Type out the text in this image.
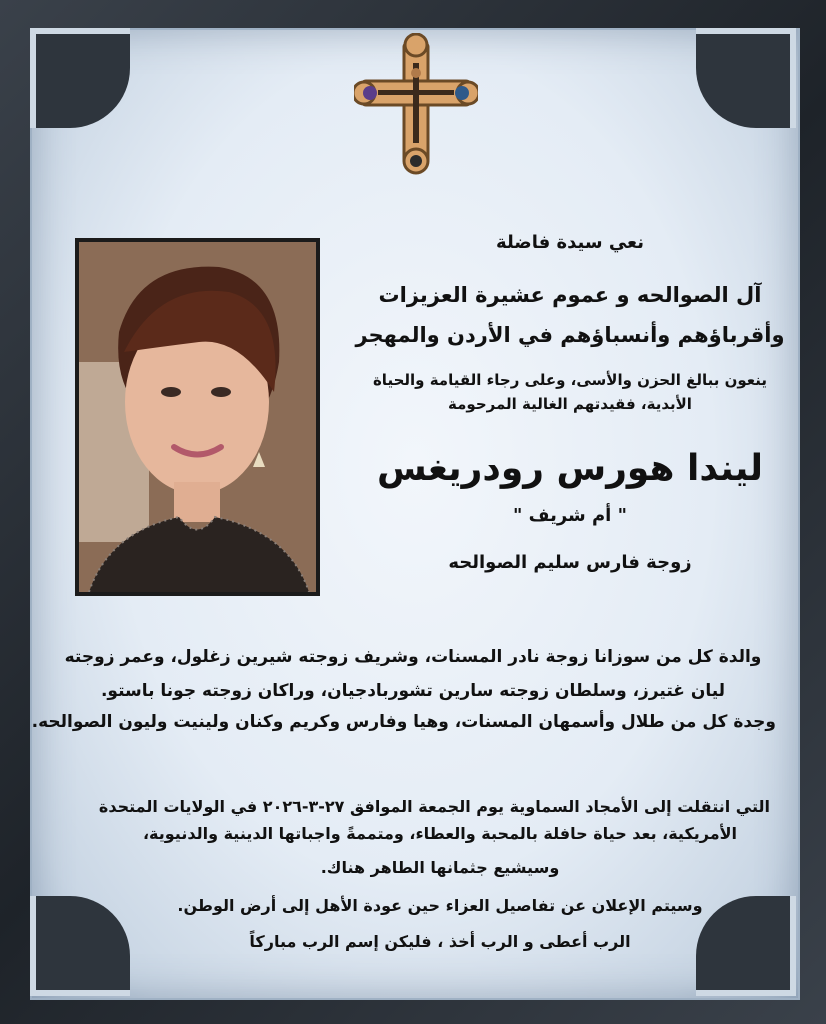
نعي سيدة فاضلة
آل الصوالحه و عموم عشيرة العزيزات
وأقرباؤهم وأنسباؤهم في الأردن والمهجر
ينعون ببالغ الحزن والأسى، وعلى رجاء القيامة والحياة
الأبدية، فقيدتهم الغالية المرحومة
ليندا هورس رودريغس
" أم شريف "
زوجة فارس سليم الصوالحه
والدة كل من سوزانا زوجة نادر المسنات، وشريف زوجته شيرين زغلول، وعمر زوجته
ليان غتيرز، وسلطان زوجته سارين تشوربادجيان، وراكان زوجته جونا باستو.
وجدة كل من طلال وأسمهان المسنات، وهيا وفارس وكريم وكنان ولينيت وليون الصوالحه.
التي انتقلت إلى الأمجاد السماوية يوم الجمعة الموافق ٢٧-٣-٢٠٢٦ في الولايات المتحدة
الأمريكية، بعد حياة حافلة بالمحبة والعطاء، ومتممةً واجباتها الدينية والدنيوية،
وسيشيع جثمانها الطاهر هناك.
وسيتم الإعلان عن تفاصيل العزاء حين عودة الأهل إلى أرض الوطن.
الرب أعطى و الرب أخذ ، فليكن إسم الرب مباركاً
